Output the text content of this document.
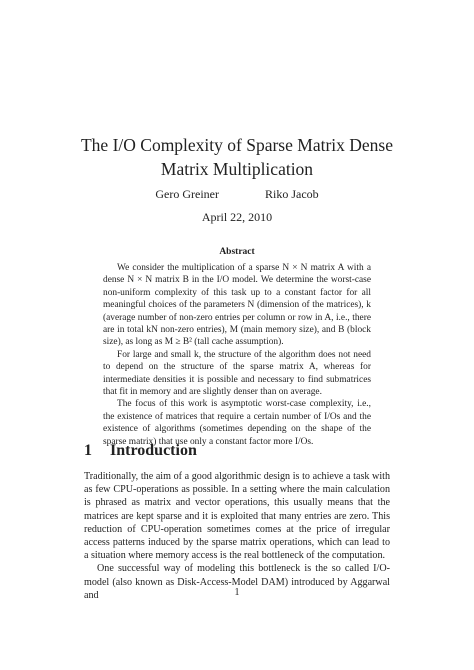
The I/O Complexity of Sparse Matrix Dense Matrix Multiplication
Gero Greiner	Riko Jacob
April 22, 2010
Abstract

We consider the multiplication of a sparse N × N matrix A with a dense N × N matrix B in the I/O model. We determine the worst-case non-uniform complexity of this task up to a constant factor for all meaningful choices of the parameters N (dimension of the matrices), k (average number of non-zero entries per column or row in A, i.e., there are in total kN non-zero entries), M (main memory size), and B (block size), as long as M ≥ B² (tall cache assumption).

For large and small k, the structure of the algorithm does not need to depend on the structure of the sparse matrix A, whereas for intermediate densities it is possible and necessary to find submatrices that fit in memory and are slightly denser than on average.

The focus of this work is asymptotic worst-case complexity, i.e., the existence of matrices that require a certain number of I/Os and the existence of algorithms (sometimes depending on the shape of the sparse matrix) that use only a constant factor more I/Os.

1 Introduction

Traditionally, the aim of a good algorithmic design is to achieve a task with as few CPU-operations as possible. In a setting where the main calculation is phrased as matrix and vector operations, this usually means that the matrices are kept sparse and it is exploited that many entries are zero. This reduction of CPU-operation sometimes comes at the price of irregular access patterns induced by the sparse matrix operations, which can lead to a situation where memory access is the real bottleneck of the computation.

One successful way of modeling this bottleneck is the so called I/O-model (also known as Disk-Access-Model DAM) introduced by Aggarwal and	1
